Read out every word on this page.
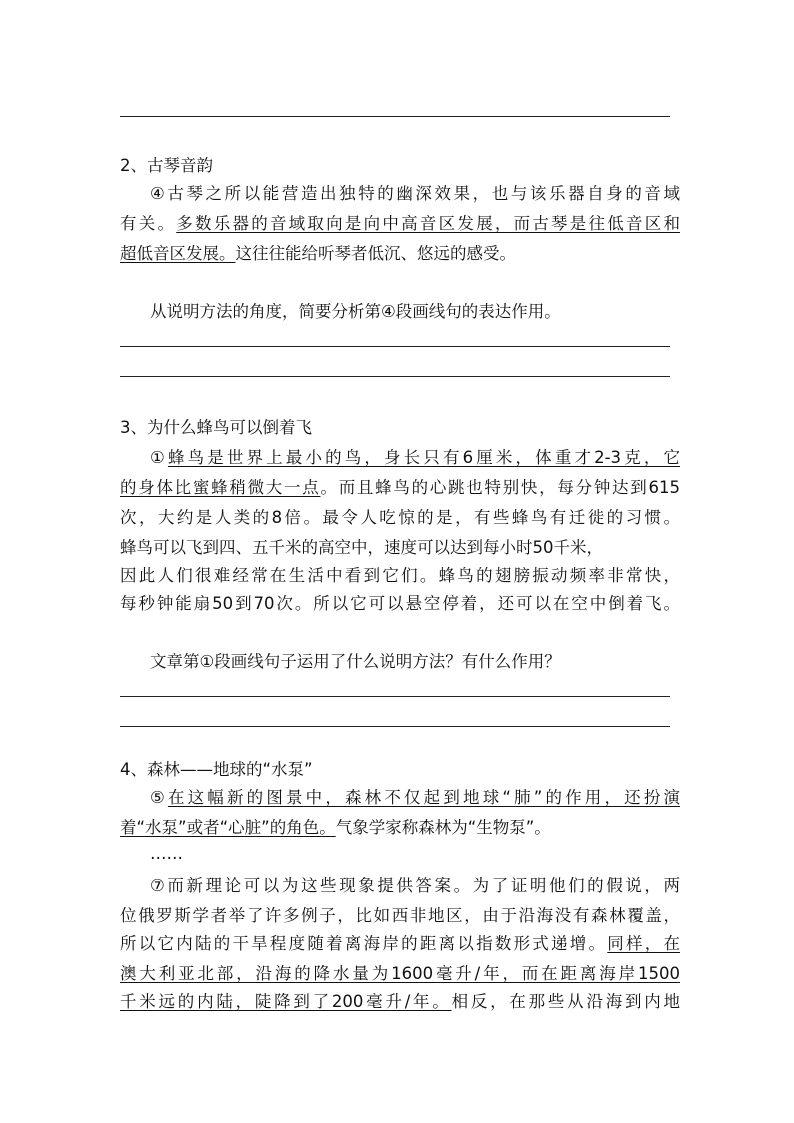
2、古琴音韵
④古琴之所以能营造出独特的幽深效果，也与该乐器自身的音域
有关。多数乐器的音域取向是向中高音区发展，而古琴是往低音区和
超低音区发展。这往往能给听琴者低沉、悠远的感受。
从说明方法的角度，简要分析第④段画线句的表达作用。
3、为什么蜂鸟可以倒着飞
①蜂鸟是世界上最小的鸟，身长只有6厘米，体重才2-3克，它
的身体比蜜蜂稍微大一点。而且蜂鸟的心跳也特别快，每分钟达到615
次，大约是人类的8倍。最令人吃惊的是，有些蜂鸟有迁徙的习惯。
蜂鸟可以飞到四、五千米的高空中，速度可以达到每小时50千米，
因此人们很难经常在生活中看到它们。蜂鸟的翅膀振动频率非常快，
每秒钟能扇50到70次。所以它可以悬空停着，还可以在空中倒着飞。
文章第①段画线句子运用了什么说明方法？有什么作用？
4、森林——地球的“水泵”
⑤在这幅新的图景中，森林不仅起到地球“肺”的作用，还扮演
着“水泵”或者“心脏”的角色。气象学家称森林为“生物泵”。
……
⑦而新理论可以为这些现象提供答案。为了证明他们的假说，两
位俄罗斯学者举了许多例子，比如西非地区，由于沿海没有森林覆盖，
所以它内陆的干旱程度随着离海岸的距离以指数形式递增。同样，在
澳大利亚北部，沿海的降水量为1600毫升/年，而在距离海岸1500
千米远的内陆，陡降到了200毫升/年。相反，在那些从沿海到内地
